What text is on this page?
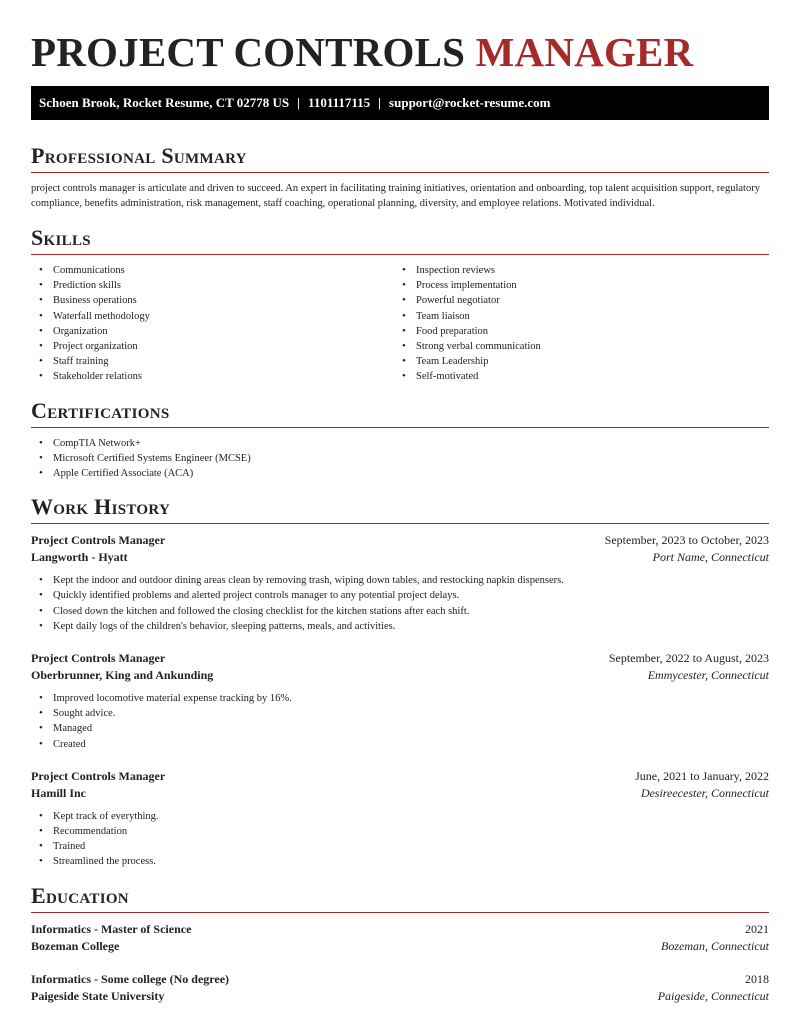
PROJECT CONTROLS MANAGER
Schoen Brook, Rocket Resume, CT 02778 US | 1101117115 | support@rocket-resume.com
Professional Summary
project controls manager is articulate and driven to succeed. An expert in facilitating training initiatives, orientation and onboarding, top talent acquisition support, regulatory compliance, benefits administration, risk management, staff coaching, operational planning, diversity, and employee relations. Motivated individual.
Skills
• Communications
• Prediction skills
• Business operations
• Waterfall methodology
• Organization
• Project organization
• Staff training
• Stakeholder relations
• Inspection reviews
• Process implementation
• Powerful negotiator
• Team liaison
• Food preparation
• Strong verbal communication
• Team Leadership
• Self-motivated
Certifications
• CompTIA Network+
• Microsoft Certified Systems Engineer (MCSE)
• Apple Certified Associate (ACA)
Work History
Project Controls Manager	September, 2023 to October, 2023
Langworth - Hyatt	Port Name, Connecticut
• Kept the indoor and outdoor dining areas clean by removing trash, wiping down tables, and restocking napkin dispensers.
• Quickly identified problems and alerted project controls manager to any potential project delays.
• Closed down the kitchen and followed the closing checklist for the kitchen stations after each shift.
• Kept daily logs of the children's behavior, sleeping patterns, meals, and activities.
Project Controls Manager	September, 2022 to August, 2023
Oberbrunner, King and Ankunding	Emmycester, Connecticut
• Improved locomotive material expense tracking by 16%.
• Sought advice.
• Managed
• Created
Project Controls Manager	June, 2021 to January, 2022
Hamill Inc	Desireecester, Connecticut
• Kept track of everything.
• Recommendation
• Trained
• Streamlined the process.
Education
Informatics - Master of Science	2021
Bozeman College	Bozeman, Connecticut
Informatics - Some college (No degree)	2018
Paigeside State University	Paigeside, Connecticut
